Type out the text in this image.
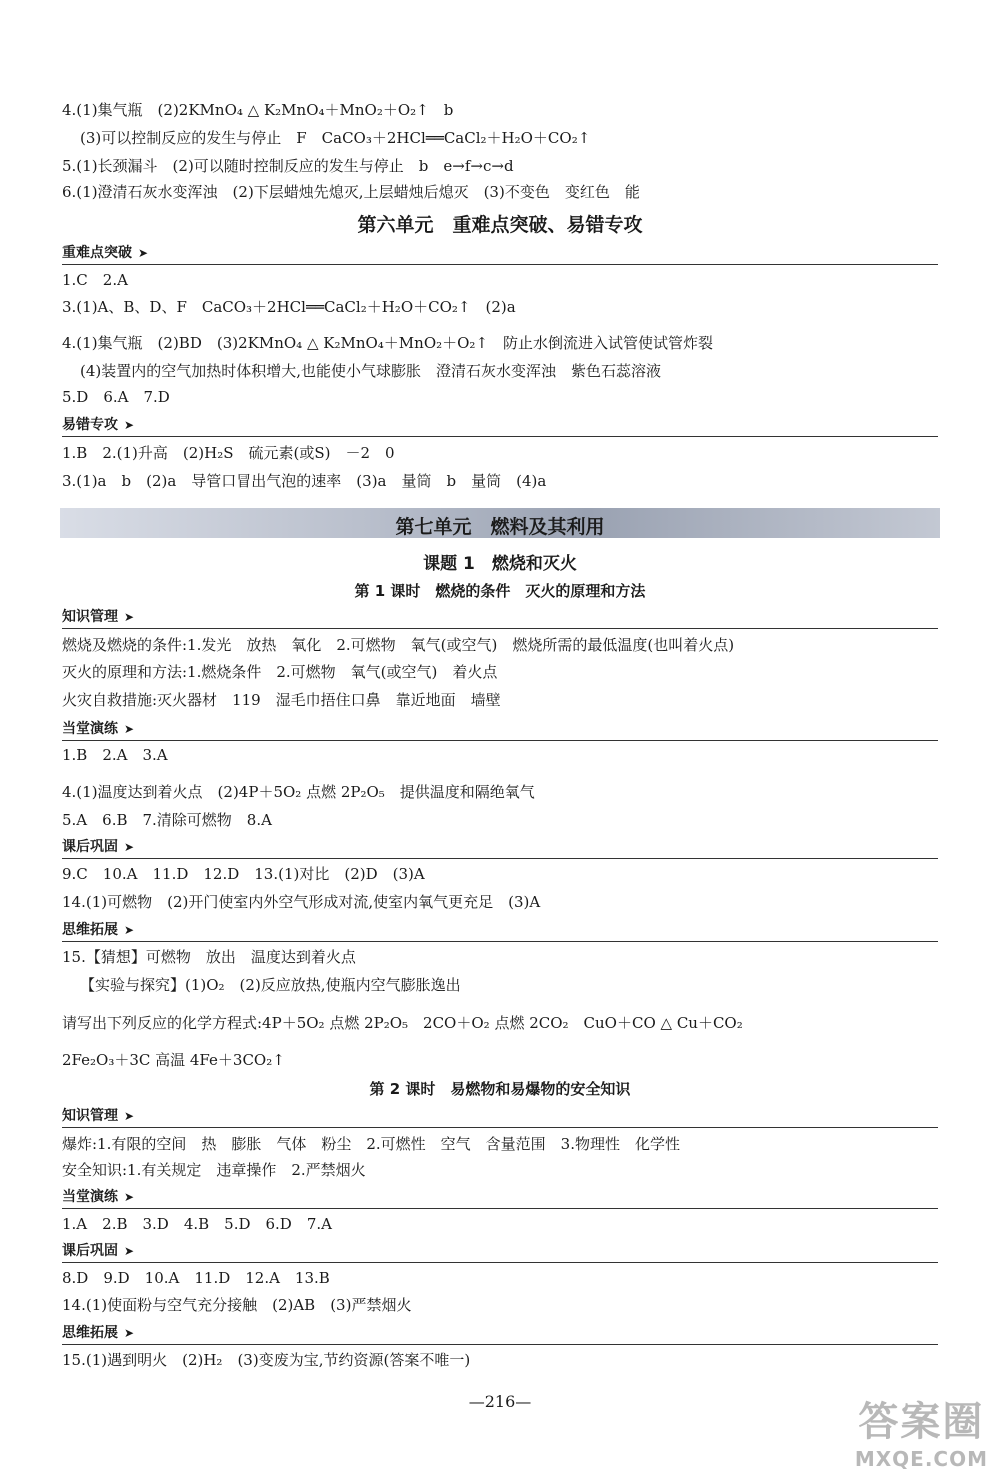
4.(1)集气瓶　(2)2KMnO₄ △ K₂MnO₄＋MnO₂＋O₂↑　b
(3)可以控制反应的发生与停止　F　CaCO₃＋2HCl══CaCl₂＋H₂O＋CO₂↑
5.(1)长颈漏斗　(2)可以随时控制反应的发生与停止　b　e→f→c→d
6.(1)澄清石灰水变浑浊　(2)下层蜡烛先熄灭,上层蜡烛后熄灭　(3)不变色　变红色　能
第六单元　重难点突破、易错专攻
重难点突破 ➤
1.C　2.A
3.(1)A、B、D、F　CaCO₃＋2HCl══CaCl₂＋H₂O＋CO₂↑　(2)a
4.(1)集气瓶　(2)BD　(3)2KMnO₄ △ K₂MnO₄＋MnO₂＋O₂↑　防止水倒流进入试管使试管炸裂
(4)装置内的空气加热时体积增大,也能使小气球膨胀　澄清石灰水变浑浊　紫色石蕊溶液
5.D　6.A　7.D
易错专攻 ➤
1.B　2.(1)升高　(2)H₂S　硫元素(或S)　－2　0
3.(1)a　b　(2)a　导管口冒出气泡的速率　(3)a　量筒　b　量筒　(4)a
第七单元　燃料及其利用
课题 1　燃烧和灭火
第 1 课时　燃烧的条件　灭火的原理和方法
知识管理 ➤
燃烧及燃烧的条件:1.发光　放热　氧化　2.可燃物　氧气(或空气)　燃烧所需的最低温度(也叫着火点)
灭火的原理和方法:1.燃烧条件　2.可燃物　氧气(或空气)　着火点
火灾自救措施:灭火器材　119　湿毛巾捂住口鼻　靠近地面　墙壁
当堂演练 ➤
1.B　2.A　3.A
4.(1)温度达到着火点　(2)4P＋5O₂ 点燃 2P₂O₅　提供温度和隔绝氧气
5.A　6.B　7.清除可燃物　8.A
课后巩固 ➤
9.C　10.A　11.D　12.D　13.(1)对比　(2)D　(3)A
14.(1)可燃物　(2)开门使室内外空气形成对流,使室内氧气更充足　(3)A
思维拓展 ➤
15.【猜想】可燃物　放出　温度达到着火点
【实验与探究】(1)O₂　(2)反应放热,使瓶内空气膨胀逸出
请写出下列反应的化学方程式:4P＋5O₂ 点燃 2P₂O₅　2CO＋O₂ 点燃 2CO₂　CuO＋CO △ Cu＋CO₂
2Fe₂O₃＋3C 高温 4Fe＋3CO₂↑
第 2 课时　易燃物和易爆物的安全知识
知识管理 ➤
爆炸:1.有限的空间　热　膨胀　气体　粉尘　2.可燃性　空气　含量范围　3.物理性　化学性
安全知识:1.有关规定　违章操作　2.严禁烟火
当堂演练 ➤
1.A　2.B　3.D　4.B　5.D　6.D　7.A
课后巩固 ➤
8.D　9.D　10.A　11.D　12.A　13.B
14.(1)使面粉与空气充分接触　(2)AB　(3)严禁烟火
思维拓展 ➤
15.(1)遇到明火　(2)H₂　(3)变废为宝,节约资源(答案不唯一)
—216—	答案圈
MXQE.COM
